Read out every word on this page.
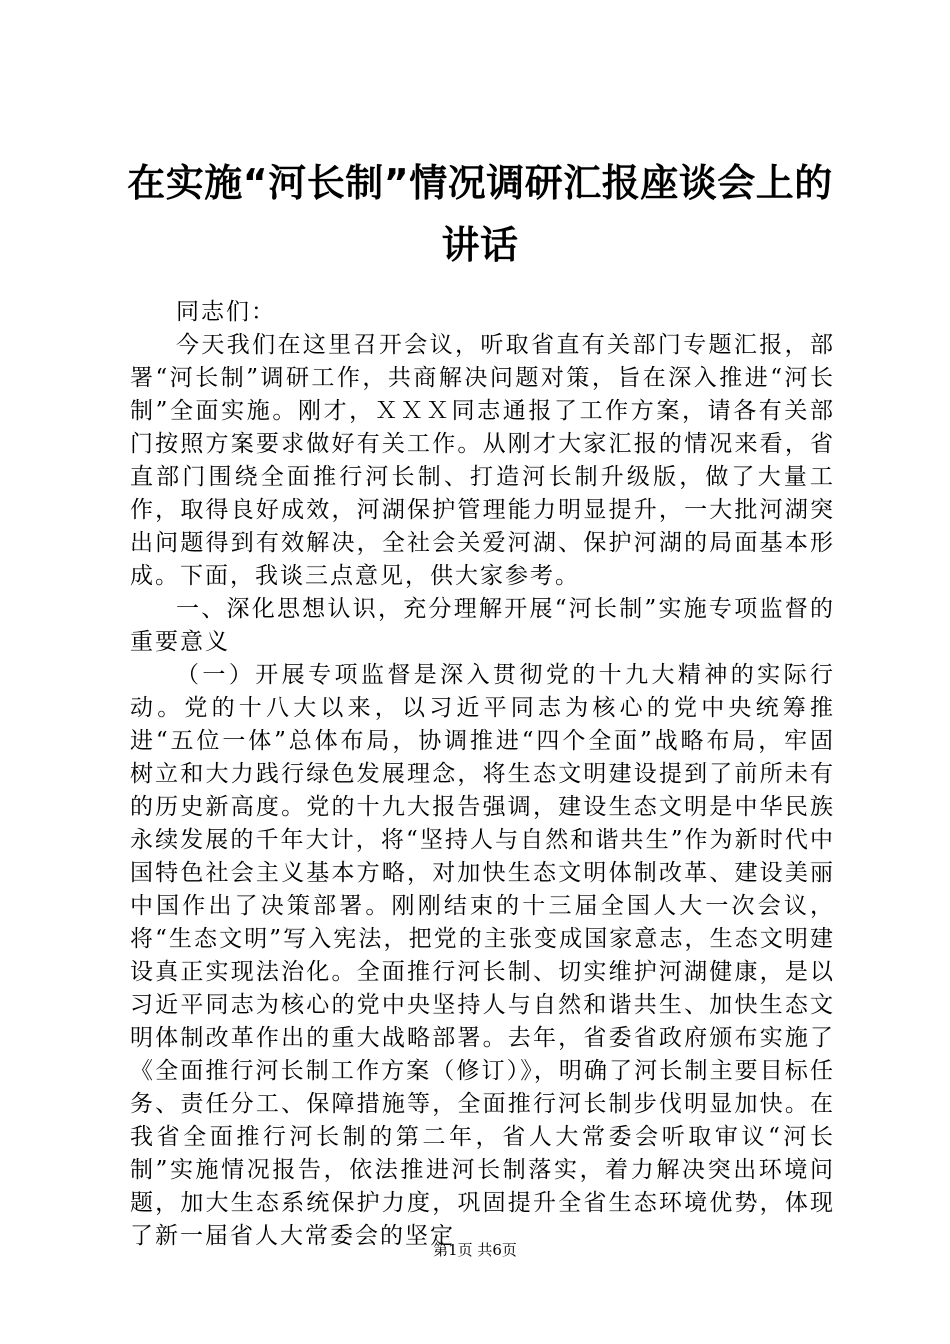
在实施“河长制”情况调研汇报座谈会上的讲话

同志们：

今天我们在这里召开会议，听取省直有关部门专题汇报，部署“河长制”调研工作，共商解决问题对策，旨在深入推进“河长制”全面实施。刚才，ＸＸＸ同志通报了工作方案，请各有关部门按照方案要求做好有关工作。从刚才大家汇报的情况来看，省直部门围绕全面推行河长制、打造河长制升级版，做了大量工作，取得良好成效，河湖保护管理能力明显提升，一大批河湖突出问题得到有效解决，全社会关爱河湖、保护河湖的局面基本形成。下面，我谈三点意见，供大家参考。

一、深化思想认识，充分理解开展“河长制”实施专项监督的重要意义

（一）开展专项监督是深入贯彻党的十九大精神的实际行动。党的十八大以来，以习近平同志为核心的党中央统筹推进“五位一体”总体布局，协调推进“四个全面”战略布局，牢固树立和大力践行绿色发展理念，将生态文明建设提到了前所未有的历史新高度。党的十九大报告强调，建设生态文明是中华民族永续发展的千年大计，将“坚持人与自然和谐共生”作为新时代中国特色社会主义基本方略，对加快生态文明体制改革、建设美丽中国作出了决策部署。刚刚结束的十三届全国人大一次会议，将“生态文明”写入宪法，把党的主张变成国家意志，生态文明建设真正实现法治化。全面推行河长制、切实维护河湖健康，是以习近平同志为核心的党中央坚持人与自然和谐共生、加快生态文明体制改革作出的重大战略部署。去年，省委省政府颁布实施了《全面推行河长制工作方案（修订）》，明确了河长制主要目标任务、责任分工、保障措施等，全面推行河长制步伐明显加快。在我省全面推行河长制的第二年，省人大常委会听取审议“河长制”实施情况报告，依法推进河长制落实，着力解决突出环境问题，加大生态系统保护力度，巩固提升全省生态环境优势，体现了新一届省人大常委会的坚定

第1页 共6页
